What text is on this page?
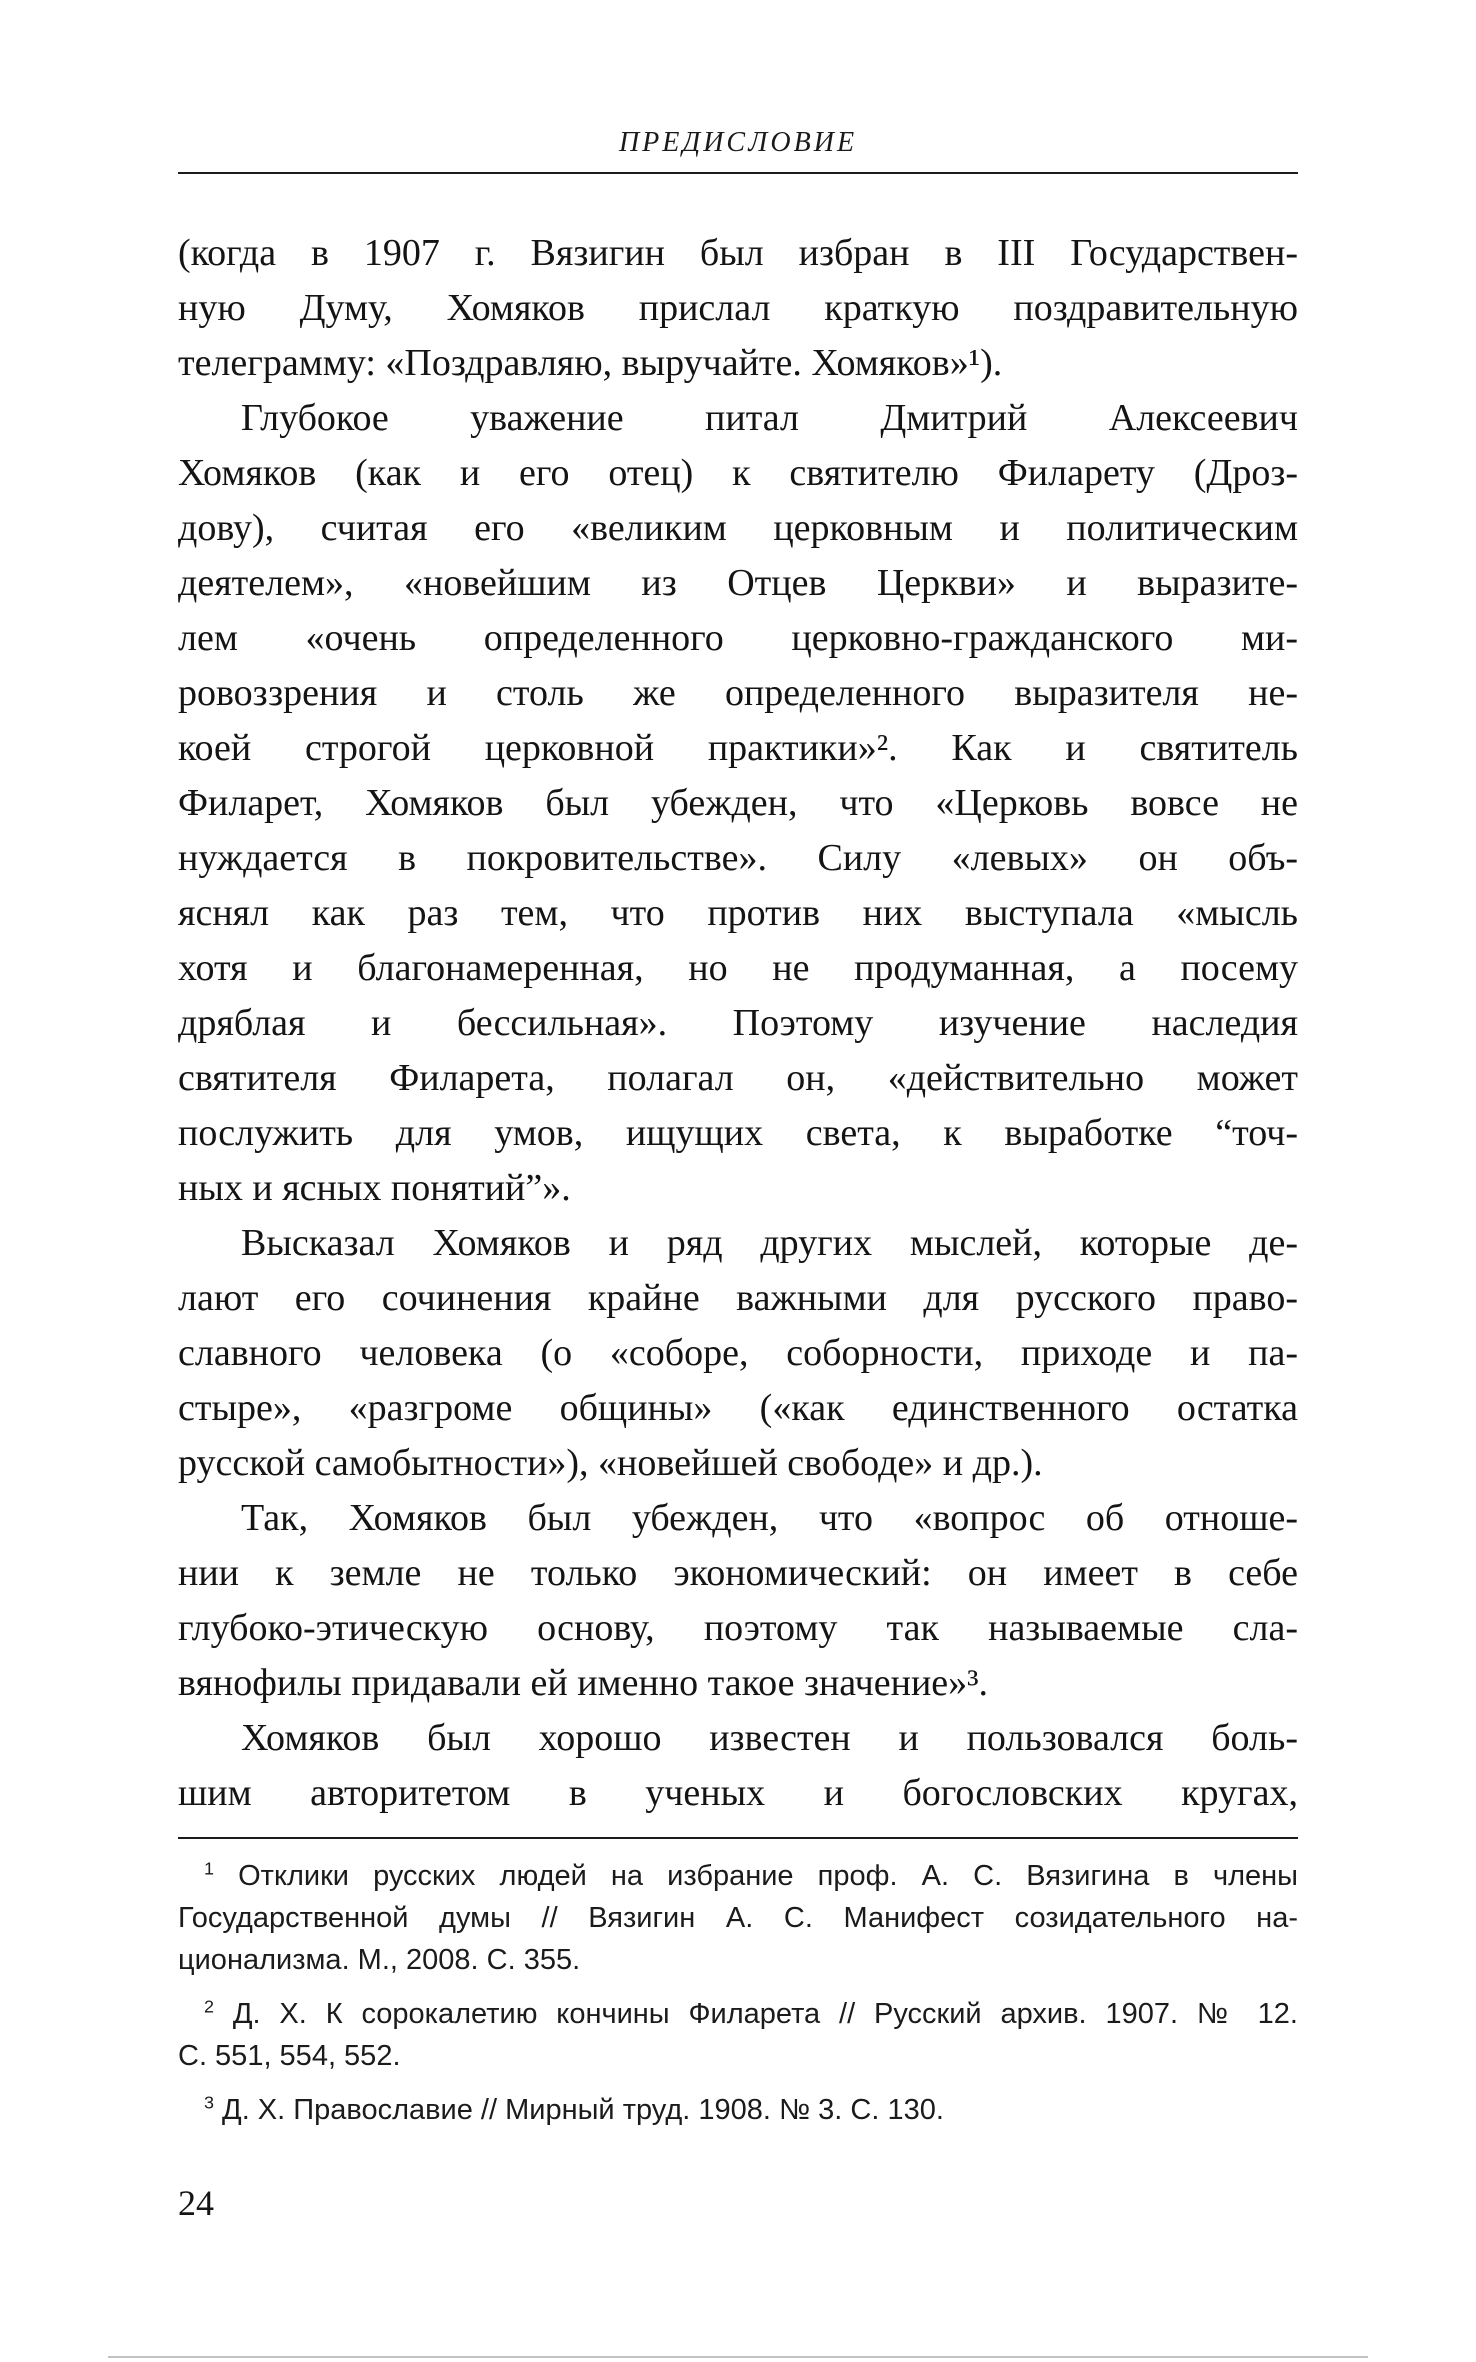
ПРЕДИСЛОВИЕ
(когда в 1907 г. Вязигин был избран в III Государствен-
ную Думу, Хомяков прислал краткую поздравительную
телеграмму: «Поздравляю, выручайте. Хомяков»¹).
Глубокое уважение питал Дмитрий Алексеевич
Хомяков (как и его отец) к святителю Филарету (Дроз-
дову), считая его «великим церковным и политическим
деятелем», «новейшим из Отцев Церкви» и выразите-
лем «очень определенного церковно-гражданского ми-
ровоззрения и столь же определенного выразителя не-
коей строгой церковной практики»². Как и святитель
Филарет, Хомяков был убежден, что «Церковь вовсе не
нуждается в покровительстве». Силу «левых» он объ-
яснял как раз тем, что против них выступала «мысль
хотя и благонамеренная, но не продуманная, а посему
дряблая и бессильная». Поэтому изучение наследия
святителя Филарета, полагал он, «действительно может
послужить для умов, ищущих света, к выработке “точ-
ных и ясных понятий”».
Высказал Хомяков и ряд других мыслей, которые де-
лают его сочинения крайне важными для русского право-
славного человека (о «соборе, соборности, приходе и па-
стыре», «разгроме общины» («как единственного остатка
русской самобытности»), «новейшей свободе» и др.).
Так, Хомяков был убежден, что «вопрос об отноше-
нии к земле не только экономический: он имеет в себе
глубоко-этическую основу, поэтому так называемые сла-
вянофилы придавали ей именно такое значение»³.
Хомяков был хорошо известен и пользовался боль-
шим авторитетом в ученых и богословских кругах,
$^1$ Отклики русских людей на избрание проф. А. С. Вязигина в члены
Государственной думы // Вязигин А. С. Манифест созидательного на-
ционализма. М., 2008. С. 355.
$^2$ Д. Х. К сорокалетию кончины Филарета // Русский архив. 1907. № 12.
С. 551, 554, 552.
$^3$ Д. Х. Православие // Мирный труд. 1908. № 3. С. 130.
24
